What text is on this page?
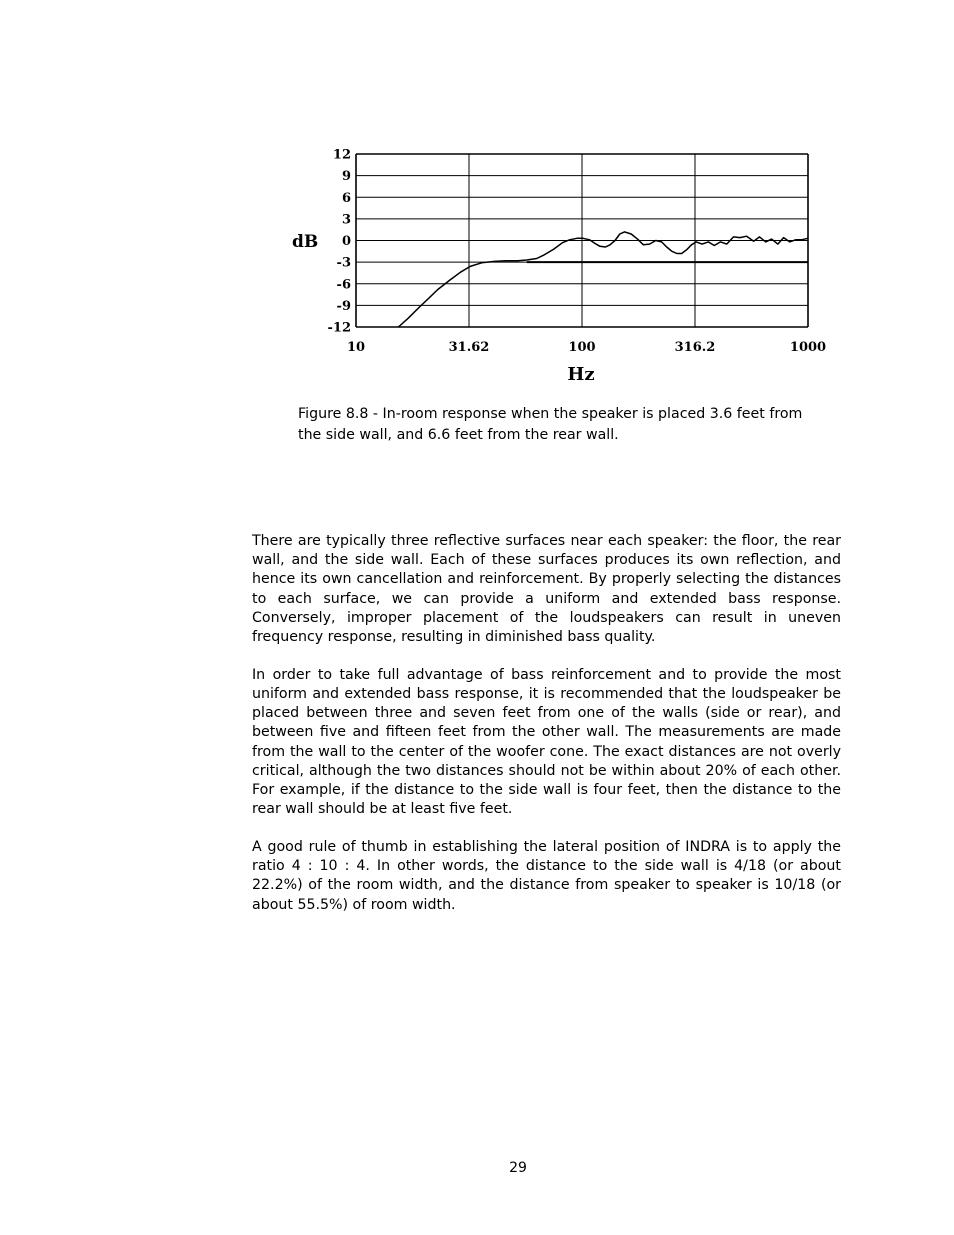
12
9
6
3
0
-3
-6
-9
-12
10	31.62	100	316.2	1000
dB
Hz
Figure 8.8 - In-room response when the speaker is placed 3.6 feet from
the side wall, and 6.6 feet from the rear wall.

There are typically three reflective surfaces near each speaker: the floor, the rear wall, and the side wall. Each of these surfaces produces its own reflection, and hence its own cancellation and reinforcement. By properly selecting the distances to each surface, we can provide a uniform and extended bass response. Conversely, improper placement of the loudspeakers can result in uneven frequency response, resulting in diminished bass quality.

In order to take full advantage of bass reinforcement and to provide the most uniform and extended bass response, it is recommended that the loudspeaker be placed between three and seven feet from one of the walls (side or rear), and between five and fifteen feet from the other wall. The measurements are made from the wall to the center of the woofer cone. The exact distances are not overly critical, although the two distances should not be within about 20% of each other. For example, if the distance to the side wall is four feet, then the distance to the rear wall should be at least five feet.

A good rule of thumb in establishing the lateral position of INDRA is to apply the ratio 4 : 10 : 4. In other words, the distance to the side wall is 4/18 (or about 22.2%) of the room width, and the distance from speaker to speaker is 10/18 (or about 55.5%) of room width.

29
